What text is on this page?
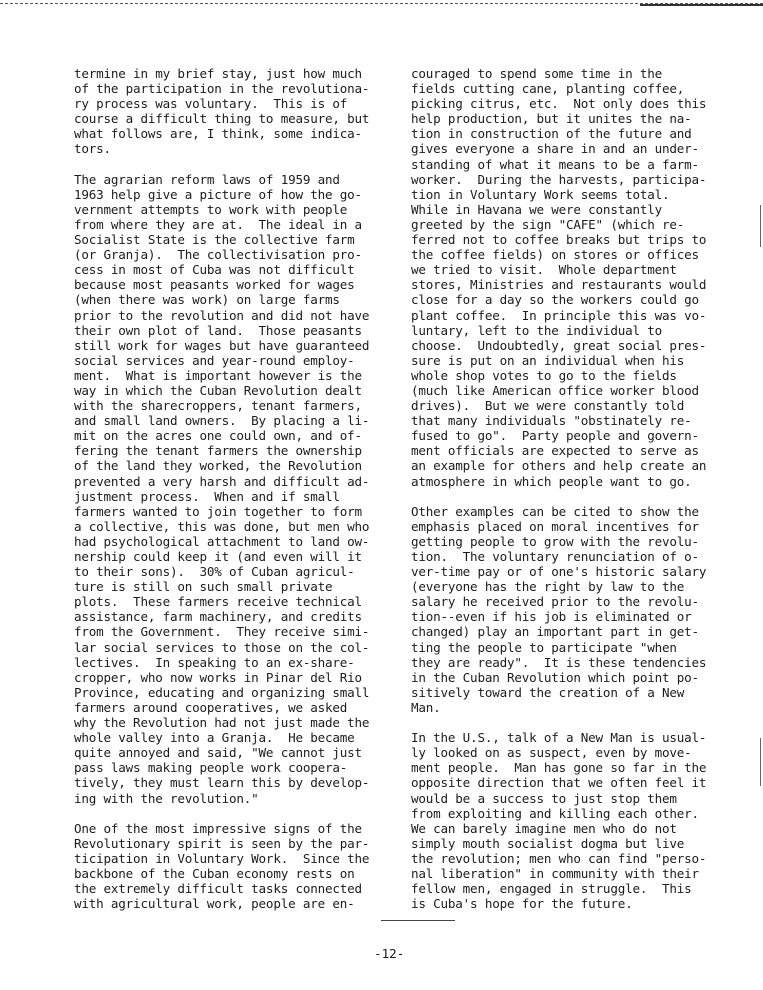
termine in my brief stay, just how much
of the participation in the revolutiona-
ry process was voluntary.  This is of
course a difficult thing to measure, but
what follows are, I think, some indica-
tors.

The agrarian reform laws of 1959 and
1963 help give a picture of how the go-
vernment attempts to work with people
from where they are at.  The ideal in a
Socialist State is the collective farm
(or Granja).  The collectivisation pro-
cess in most of Cuba was not difficult
because most peasants worked for wages
(when there was work) on large farms
prior to the revolution and did not have
their own plot of land.  Those peasants
still work for wages but have guaranteed
social services and year-round employ-
ment.  What is important however is the
way in which the Cuban Revolution dealt
with the sharecroppers, tenant farmers,
and small land owners.  By placing a li-
mit on the acres one could own, and of-
fering the tenant farmers the ownership
of the land they worked, the Revolution
prevented a very harsh and difficult ad-
justment process.  When and if small
farmers wanted to join together to form
a collective, this was done, but men who
had psychological attachment to land ow-
nership could keep it (and even will it
to their sons).  30% of Cuban agricul-
ture is still on such small private
plots.  These farmers receive technical
assistance, farm machinery, and credits
from the Government.  They receive simi-
lar social services to those on the col-
lectives.  In speaking to an ex-share-
cropper, who now works in Pinar del Rio
Province, educating and organizing small
farmers around cooperatives, we asked
why the Revolution had not just made the
whole valley into a Granja.  He became
quite annoyed and said, "We cannot just
pass laws making people work coopera-
tively, they must learn this by develop-
ing with the revolution."

One of the most impressive signs of the
Revolutionary spirit is seen by the par-
ticipation in Voluntary Work.  Since the
backbone of the Cuban economy rests on
the extremely difficult tasks connected
with agricultural work, people are en-

couraged to spend some time in the
fields cutting cane, planting coffee,
picking citrus, etc.  Not only does this
help production, but it unites the na-
tion in construction of the future and
gives everyone a share in and an under-
standing of what it means to be a farm-
worker.  During the harvests, participa-
tion in Voluntary Work seems total.
While in Havana we were constantly
greeted by the sign "CAFE" (which re-
ferred not to coffee breaks but trips to
the coffee fields) on stores or offices
we tried to visit.  Whole department
stores, Ministries and restaurants would
close for a day so the workers could go
plant coffee.  In principle this was vo-
luntary, left to the individual to
choose.  Undoubtedly, great social pres-
sure is put on an individual when his
whole shop votes to go to the fields
(much like American office worker blood
drives).  But we were constantly told
that many individuals "obstinately re-
fused to go".  Party people and govern-
ment officials are expected to serve as
an example for others and help create an
atmosphere in which people want to go.

Other examples can be cited to show the
emphasis placed on moral incentives for
getting people to grow with the revolu-
tion.  The voluntary renunciation of o-
ver-time pay or of one's historic salary
(everyone has the right by law to the
salary he received prior to the revolu-
tion--even if his job is eliminated or
changed) play an important part in get-
ting the people to participate "when
they are ready".  It is these tendencies
in the Cuban Revolution which point po-
sitively toward the creation of a New
Man.

In the U.S., talk of a New Man is usual-
ly looked on as suspect, even by move-
ment people.  Man has gone so far in the
opposite direction that we often feel it
would be a success to just stop them
from exploiting and killing each other.
We can barely imagine men who do not
simply mouth socialist dogma but live
the revolution; men who can find "perso-
nal liberation" in community with their
fellow men, engaged in struggle.  This
is Cuba's hope for the future.

-12-
